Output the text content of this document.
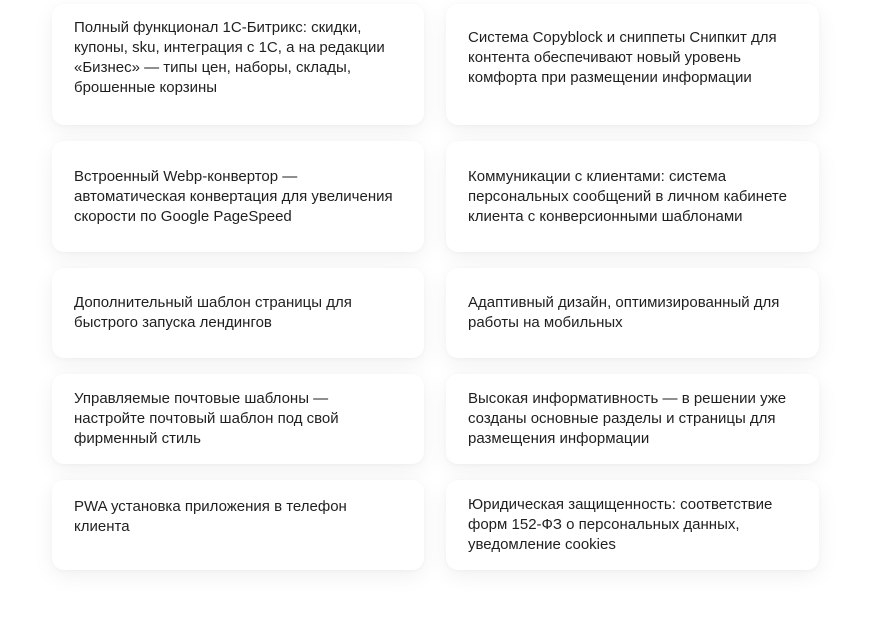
Полный функционал 1С-Битрикс: скидки, купоны, sku, интеграция с 1С, а на редакции «Бизнес» — типы цен, наборы, склады, брошенные корзины

Система Copyblock и сниппеты Снипкит для контента обеспечивают новый уровень комфорта при размещении информации

Встроенный Webp-конвертор — автоматическая конвертация для увеличения скорости по Google PageSpeed

Коммуникации с клиентами: система персональных сообщений в личном кабинете клиента с конверсионными шаблонами

Дополнительный шаблон страницы для быстрого запуска лендингов

Адаптивный дизайн, оптимизированный для работы на мобильных

Управляемые почтовые шаблоны — настройте почтовый шаблон под свой фирменный стиль

Высокая информативность — в решении уже созданы основные разделы и страницы для размещения информации

PWA установка приложения в телефон клиента

Юридическая защищенность: соответствие форм 152-ФЗ о персональных данных, уведомление cookies
